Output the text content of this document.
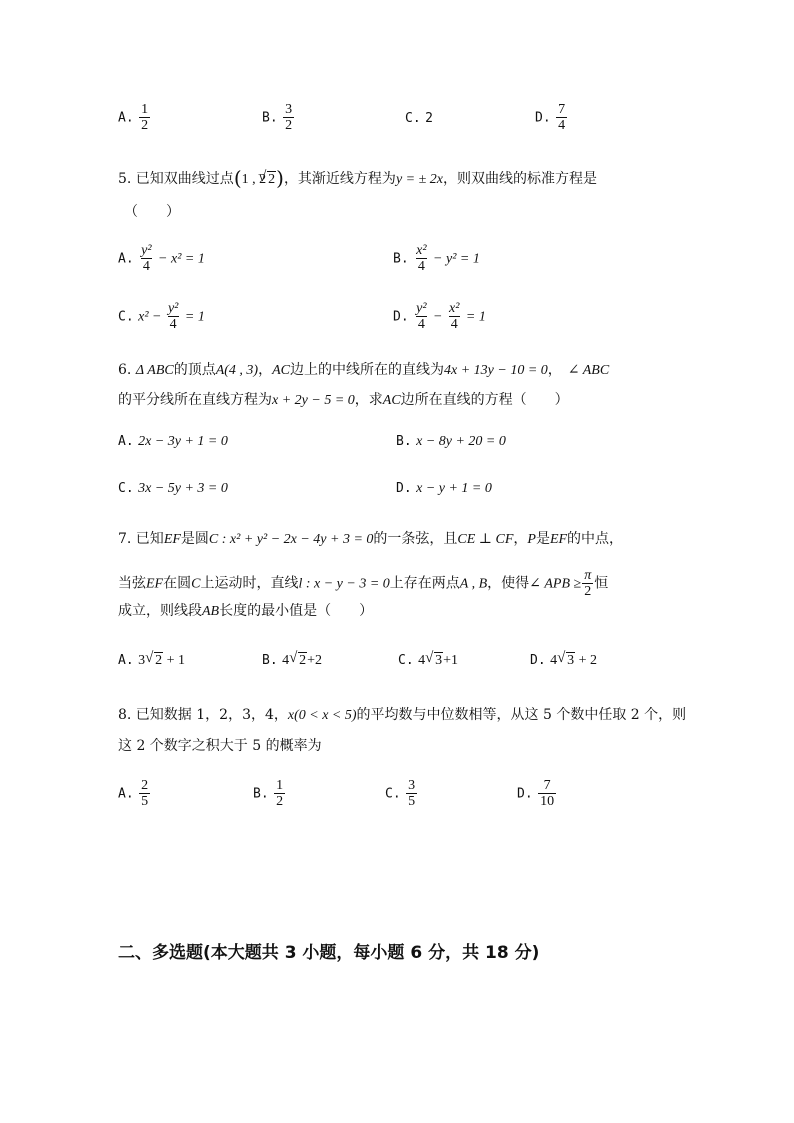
A. $\frac{1}{2}$	B. $\frac{3}{2}$	C. 2	D. $\frac{7}{4}$
5. 已知双曲线过点(1 , 2 √ 2)，其渐近线方程为y = ± 2x，则双曲线的标准方程是
（　　）
A. $\frac{\text{y²}}{4} - x^2 = 1$	B. $\frac{\text{x²}}{4} - y^2 = 1$
C. $x^2 - \frac{\text{y²}}{4} = 1$	D. $\frac{\text{y²}}{4} - \frac{\text{x²}}{4} = 1$
6. Δ ABC的顶点A(4 , 3)，AC边上的中线所在的直线为4x + 13y − 10 = 0， ∠ ABC
的平分线所在直线方程为x + 2y − 5 = 0，求AC边所在直线的方程（　　）
A. 2x − 3y + 1 = 0	B. x − 8y + 20 = 0
C. 3x − 5y + 3 = 0	D. x − y + 1 = 0
7. 已知EF是圆C : x² + y² − 2x − 4y + 3 = 0的一条弦，且CE ⊥ CF，P是EF的中点，
当弦EF在圆C上运动时，直线l : x − y − 3 = 0上存在两点A , B，使得∠ APB ≥ $\frac{\pi}{2}$ 恒
成立，则线段AB长度的最小值是（　　）
A. 3 √ 2 + 1	B. 4 √ 2+2	C. 4 √ 3+1	D. 4 √ 3 + 2
8. 已知数据 1，2，3，4，x(0 < x < 5)的平均数与中位数相等，从这 5 个数中任取 2 个，则
这 2 个数字之积大于 5 的概率为
A. $\frac{2}{5}$	B. $\frac{1}{2}$	C. $\frac{3}{5}$	D. $\frac{7}{10}$
二、多选题(本大题共 3 小题，每小题 6 分，共 18 分)
